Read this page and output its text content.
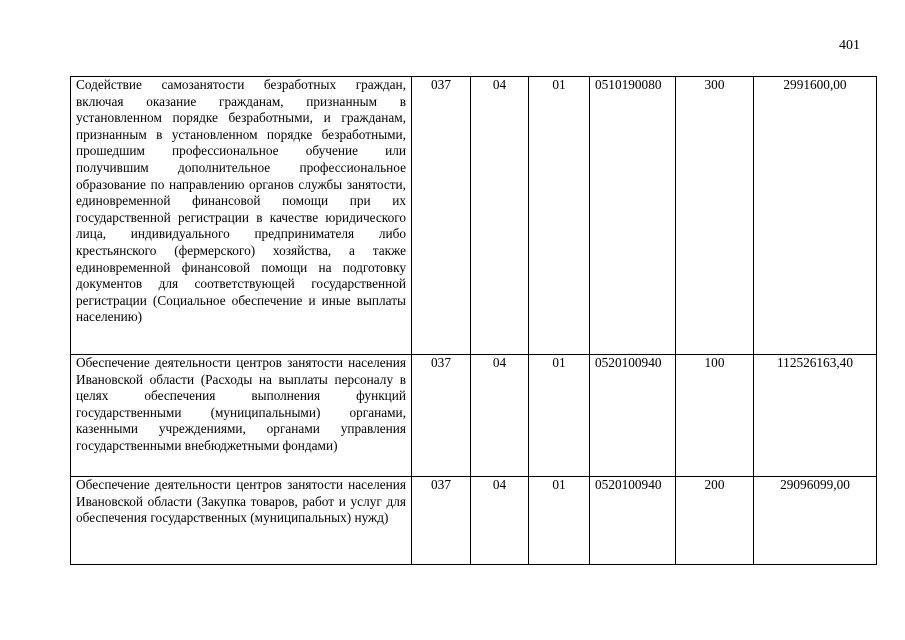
401
Содействие самозанятости безработных граждан, включая оказание гражданам, признанным в установленном порядке безработными, и гражданам, признанным в установленном порядке безработными, прошедшим профессиональное обучение или получившим дополнительное профессиональное образование по направлению органов службы занятости, единовременной финансовой помощи при их государственной регистрации в качестве юридического лица, индивидуального предпринимателя либо крестьянского (фермерского) хозяйства, а также единовременной финансовой помощи на подготовку документов для соответствующей государственной регистрации (Социальное обеспечение и иные выплаты населению)	037	04	01	0510190080	300	2991600,00
Обеспечение деятельности центров занятости населения Ивановской области (Расходы на выплаты персоналу в целях обеспечения выполнения функций государственными (муниципальными) органами, казенными учреждениями, органами управления государственными внебюджетными фондами)	037	04	01	0520100940	100	112526163,40
Обеспечение деятельности центров занятости населения Ивановской области (Закупка товаров, работ и услуг для обеспечения государственных (муниципальных) нужд)	037	04	01	0520100940	200	29096099,00
